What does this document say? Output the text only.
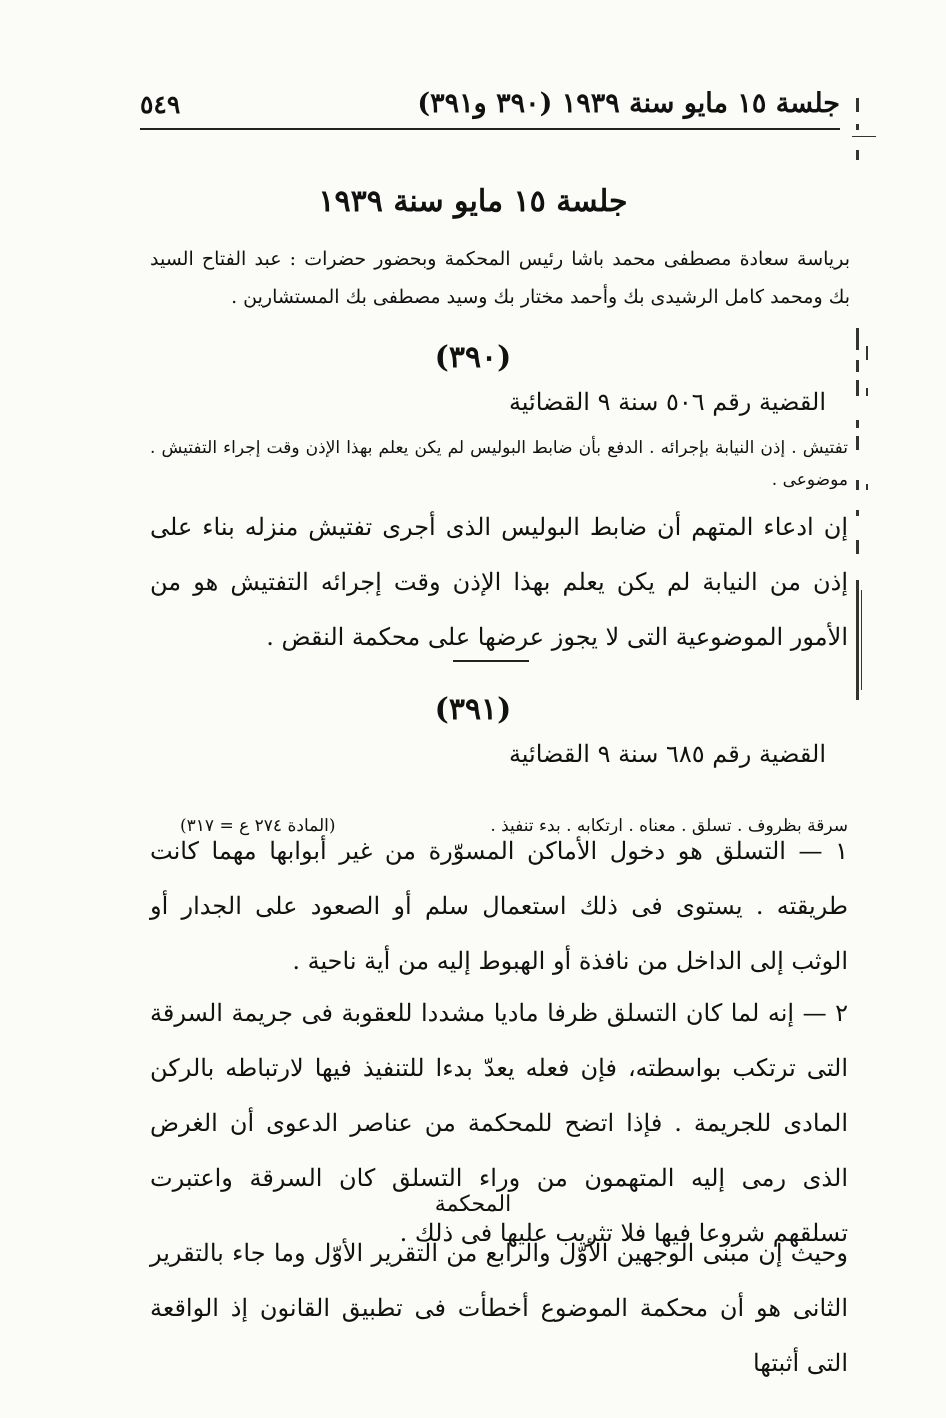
جلسة ١٥ مايو سنة ١٩٣٩ (٣٩٠ و٣٩١)
٥٤٩
جلسة ١٥ مايو سنة ١٩٣٩
برياسة سعادة مصطفى محمد باشا رئيس المحكمة وبحضور حضرات : عبد الفتاح السيد بك ومحمد كامل الرشيدى بك وأحمد مختار بك وسيد مصطفى بك المستشارين .
(٣٩٠)
القضية رقم ٥٠٦ سنة ٩ القضائية
تفتيش . إذن النيابة بإجرائه . الدفع بأن ضابط البوليس لم يكن يعلم بهذا الإذن وقت إجراء التفتيش . موضوعى .
إن ادعاء المتهم أن ضابط البوليس الذى أجرى تفتيش منزله بناء على إذن من النيابة لم يكن يعلم بهذا الإذن وقت إجرائه التفتيش هو من الأمور الموضوعية التى لا يجوز عرضها على محكمة النقض .
(٣٩١)
القضية رقم ٦٨٥ سنة ٩ القضائية
سرقة بظروف . تسلق . معناه . ارتكابه . بدء تنفيذ .
(المادة ٢٧٤ ع = ٣١٧)
١ — التسلق هو دخول الأماكن المسوّرة من غير أبوابها مهما كانت طريقته . يستوى فى ذلك استعمال سلم أو الصعود على الجدار أو الوثب إلى الداخل من نافذة أو الهبوط إليه من أية ناحية .
٢ — إنه لما كان التسلق ظرفا ماديا مشددا للعقوبة فى جريمة السرقة التى ترتكب بواسطته، فإن فعله يعدّ بدءا للتنفيذ فيها لارتباطه بالركن المادى للجريمة . فإذا اتضح للمحكمة من عناصر الدعوى أن الغرض الذى رمى إليه المتهمون من وراء التسلق كان السرقة واعتبرت تسلقهم شروعا فيها فلا تثريب عليها فى ذلك .
المحكمة
وحيث إن مبنى الوجهين الأوّل والرابع من التقرير الأوّل وما جاء بالتقرير الثانى هو أن محكمة الموضوع أخطأت فى تطبيق القانون إذ الواقعة التى أثبتها
